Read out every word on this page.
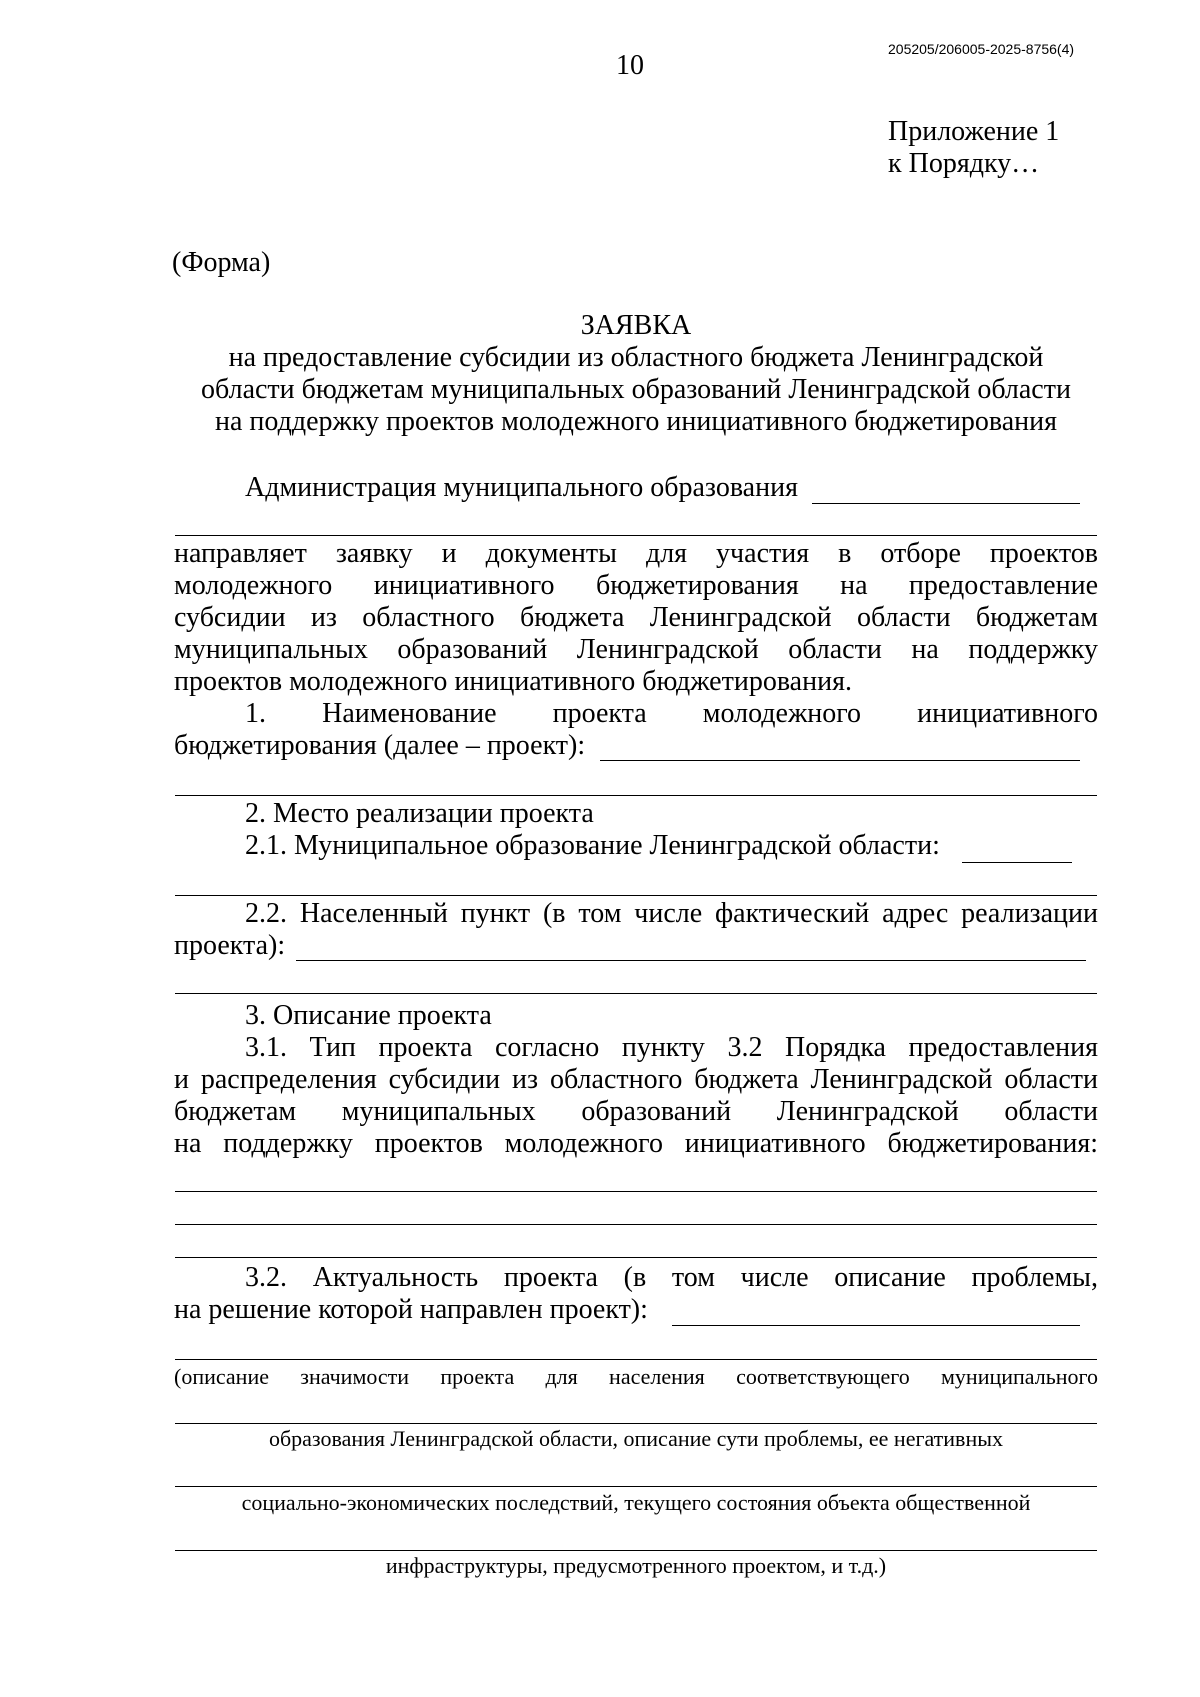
10
205205/206005-2025-8756(4)
Приложение 1
к Порядку…
(Форма)
ЗАЯВКА
на предоставление субсидии из областного бюджета Ленинградской
области бюджетам муниципальных образований Ленинградской области
на поддержку проектов молодежного инициативного бюджетирования
Администрация муниципального образования
направляет заявку и документы для участия в отборе проектов
молодежного инициативного бюджетирования на предоставление
субсидии из областного бюджета Ленинградской области бюджетам
муниципальных образований Ленинградской области на поддержку
проектов молодежного инициативного бюджетирования.
1. Наименование проекта молодежного инициативного
бюджетирования (далее – проект):
2. Место реализации проекта
2.1. Муниципальное образование Ленинградской области:
2.2. Населенный пункт (в том числе фактический адрес реализации
проекта):
3. Описание проекта
3.1. Тип проекта согласно пункту 3.2 Порядка предоставления
и распределения субсидии из областного бюджета Ленинградской области
бюджетам муниципальных образований Ленинградской области
на поддержку проектов молодежного инициативного бюджетирования:
3.2. Актуальность проекта (в том числе описание проблемы,
на решение которой направлен проект):
(описание значимости проекта для населения соответствующего муниципального
образования Ленинградской области, описание сути проблемы, ее негативных
социально-экономических последствий, текущего состояния объекта общественной
инфраструктуры, предусмотренного проектом, и т.д.)
